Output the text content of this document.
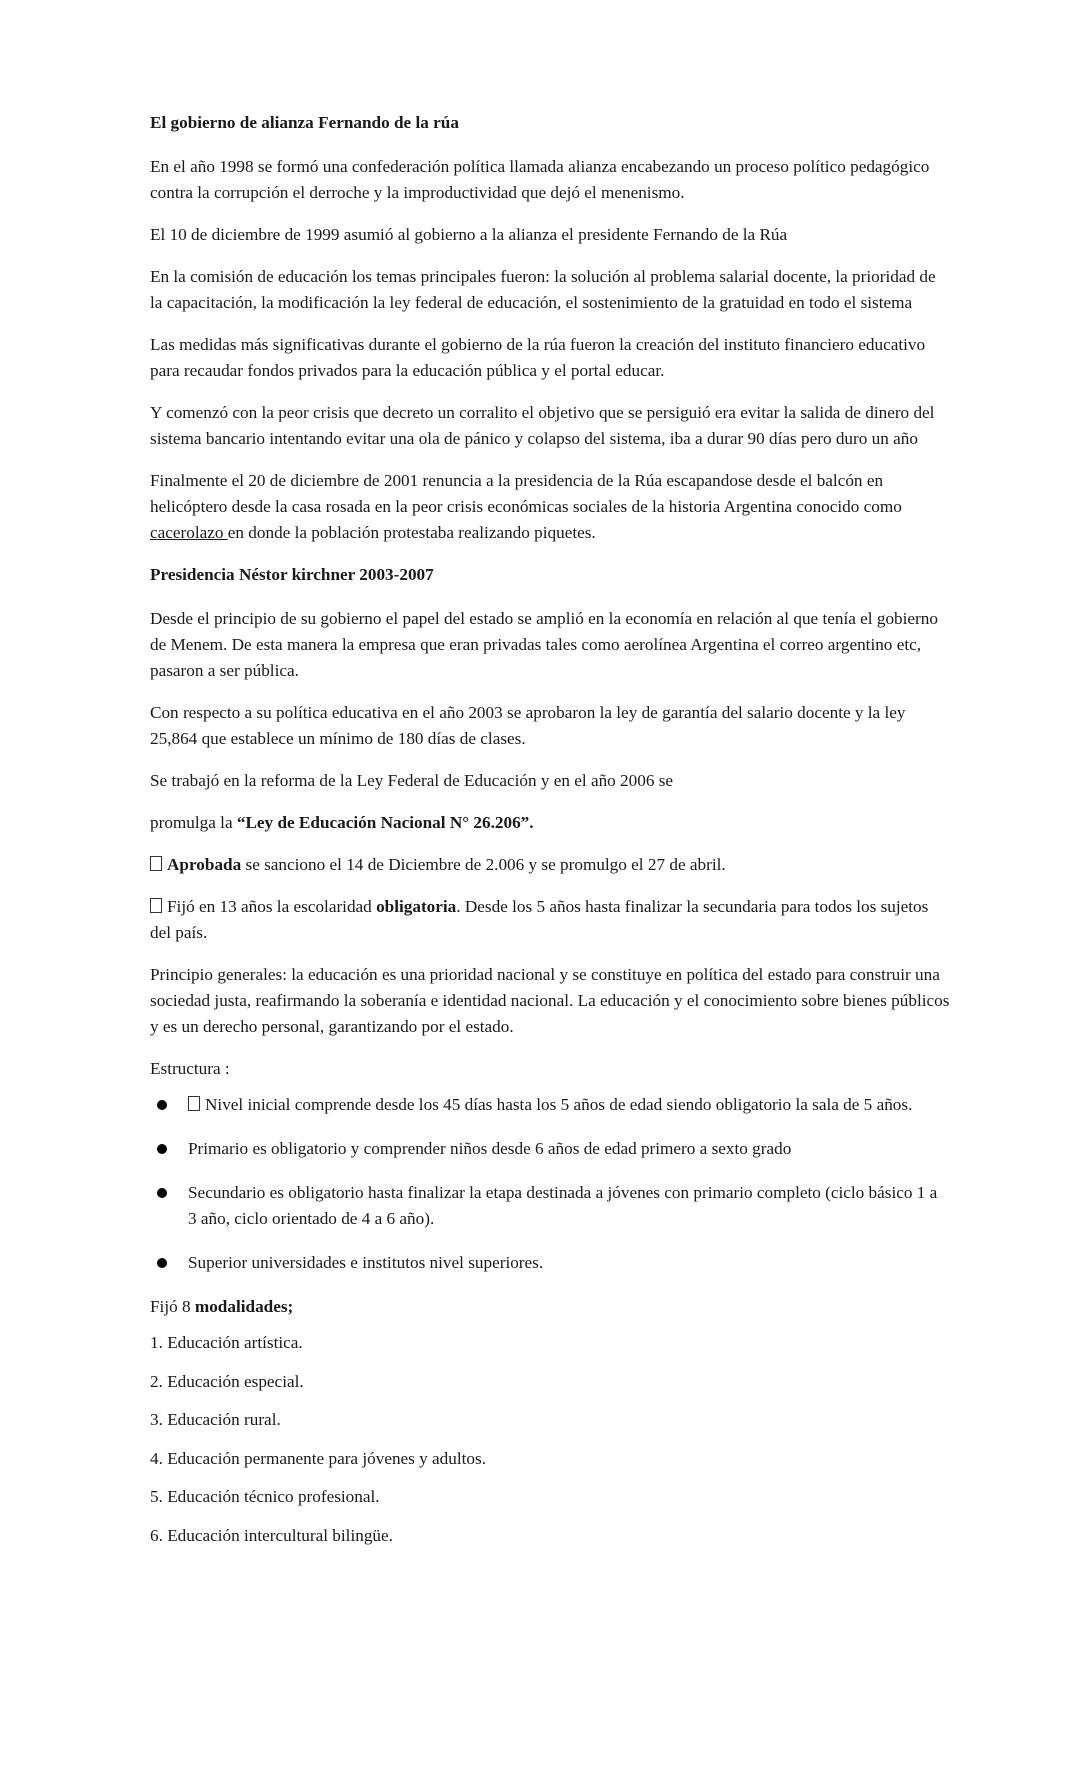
El gobierno de alianza Fernando de la rúa

En el año 1998 se formó una confederación política llamada alianza encabezando un proceso político pedagógico contra la corrupción el derroche y la improductividad que dejó el menenismo.

El 10 de diciembre de 1999 asumió al gobierno a la alianza el presidente Fernando de la Rúa

En la comisión de educación los temas principales fueron: la solución al problema salarial docente, la prioridad de la capacitación, la modificación la ley federal de educación, el sostenimiento de la gratuidad en todo el sistema

Las medidas más significativas durante el gobierno de la rúa fueron la creación del instituto financiero educativo para recaudar fondos privados para la educación pública y el portal educar.

Y comenzó con la peor crisis que decreto un corralito el objetivo que se persiguió era evitar la salida de dinero del sistema bancario intentando evitar una ola de pánico y colapso del sistema, iba a durar 90 días pero duro un año

Finalmente el 20 de diciembre de 2001 renuncia a la presidencia de la Rúa escapandose desde el balcón en helicóptero desde la casa rosada en la peor crisis económicas sociales de la historia Argentina conocido como cacerolazo en donde la población protestaba realizando piquetes.

Presidencia Néstor kirchner 2003-2007

Desde el principio de su gobierno el papel del estado se amplió en la economía en relación al que tenía el gobierno de Menem. De esta manera la empresa que eran privadas tales como aerolínea Argentina el correo argentino etc, pasaron a ser pública.

Con respecto a su política educativa en el año 2003 se aprobaron la ley de garantía del salario docente y la ley 25,864 que establece un mínimo de 180 días de clases.

Se trabajó en la reforma de la Ley Federal de Educación y en el año 2006 se

promulga la “Ley de Educación Nacional N° 26.206”.

Aprobada se sanciono el 14 de Diciembre de 2.006 y se promulgo el 27 de abril.

Fijó en 13 años la escolaridad obligatoria. Desde los 5 años hasta finalizar la secundaria para todos los sujetos del país.

Principio generales: la educación es una prioridad nacional y se constituye en política del estado para construir una sociedad justa, reafirmando la soberanía e identidad nacional. La educación y el conocimiento sobre bienes públicos y es un derecho personal, garantizando por el estado.

Estructura :

Nivel inicial comprende desde los 45 días hasta los 5 años de edad siendo obligatorio la sala de 5 años.
Primario es obligatorio y comprender niños desde 6 años de edad primero a sexto grado
Secundario es obligatorio hasta finalizar la etapa destinada a jóvenes con primario completo (ciclo básico 1 a 3 año, ciclo orientado de 4 a 6 año).
Superior universidades e institutos nivel superiores.

Fijó 8 modalidades;

1. Educación artística.
2. Educación especial.
3. Educación rural.
4. Educación permanente para jóvenes y adultos.
5. Educación técnico profesional.
6. Educación intercultural bilingüe.
